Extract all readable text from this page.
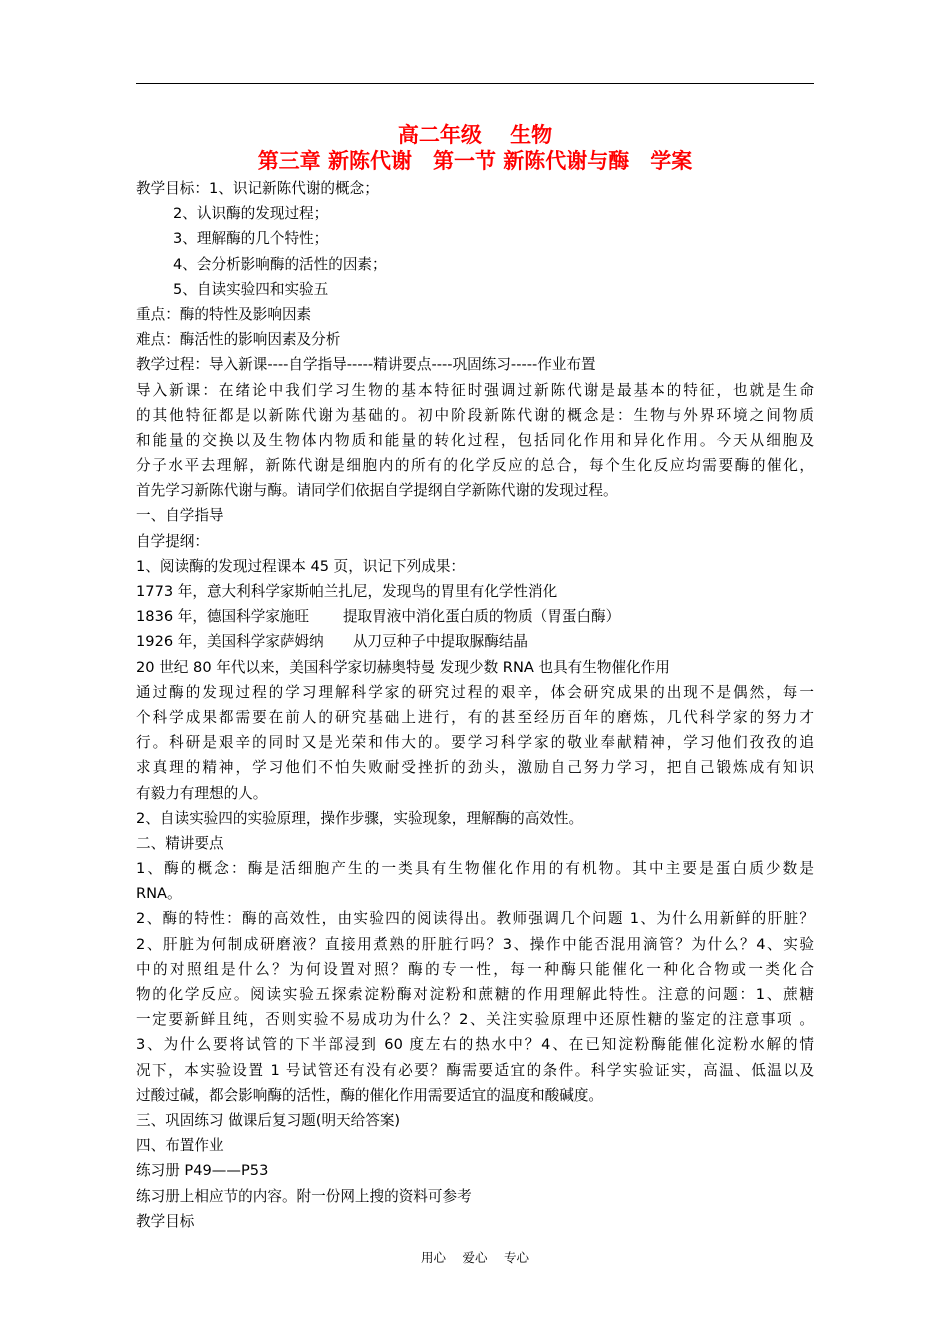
高二年级　 生物
第三章 新陈代谢　第一节 新陈代谢与酶　学案
教学目标：1、识记新陈代谢的概念；
2、认识酶的发现过程；
3、理解酶的几个特性；
4、会分析影响酶的活性的因素；
5、自读实验四和实验五
重点：酶的特性及影响因素
难点：酶活性的影响因素及分析
教学过程：导入新课----自学指导-----精讲要点----巩固练习-----作业布置
导入新课：在绪论中我们学习生物的基本特征时强调过新陈代谢是最基本的特征，也就是生命
的其他特征都是以新陈代谢为基础的。初中阶段新陈代谢的概念是：生物与外界环境之间物质
和能量的交换以及生物体内物质和能量的转化过程，包括同化作用和异化作用。今天从细胞及
分子水平去理解，新陈代谢是细胞内的所有的化学反应的总合，每个生化反应均需要酶的催化，
首先学习新陈代谢与酶。请同学们依据自学提纲自学新陈代谢的发现过程。
一、自学指导
自学提纲：
1、阅读酶的发现过程课本 45 页，识记下列成果：
1773 年，意大利科学家斯帕兰扎尼，发现鸟的胃里有化学性消化
1836 年，德国科学家施旺　　 提取胃液中消化蛋白质的物质（胃蛋白酶）
1926 年，美国科学家萨姆纳　　从刀豆种子中提取脲酶结晶
20 世纪 80 年代以来，美国科学家切赫奥特曼 发现少数 RNA 也具有生物催化作用
通过酶的发现过程的学习理解科学家的研究过程的艰辛，体会研究成果的出现不是偶然，每一
个科学成果都需要在前人的研究基础上进行，有的甚至经历百年的磨炼，几代科学家的努力才
行。科研是艰辛的同时又是光荣和伟大的。要学习科学家的敬业奉献精神，学习他们孜孜的追
求真理的精神，学习他们不怕失败耐受挫折的劲头，激励自己努力学习，把自己锻炼成有知识
有毅力有理想的人。
2、自读实验四的实验原理，操作步骤，实验现象，理解酶的高效性。
二、精讲要点
1、酶的概念：酶是活细胞产生的一类具有生物催化作用的有机物。其中主要是蛋白质少数是
RNA。
2、酶的特性：酶的高效性，由实验四的阅读得出。教师强调几个问题 1、为什么用新鲜的肝脏？
2、肝脏为何制成研磨液？直接用煮熟的肝脏行吗？3、操作中能否混用滴管？为什么？4、实验
中的对照组是什么？为何设置对照？酶的专一性，每一种酶只能催化一种化合物或一类化合
物的化学反应。阅读实验五探索淀粉酶对淀粉和蔗糖的作用理解此特性。注意的问题：1、蔗糖
一定要新鲜且纯，否则实验不易成功为什么？2、关注实验原理中还原性糖的鉴定的注意事项 。
3、为什么要将试管的下半部浸到 60 度左右的热水中？4、在已知淀粉酶能催化淀粉水解的情
况下，本实验设置 1 号试管还有没有必要？酶需要适宜的条件。科学实验证实，高温、低温以及
过酸过碱，都会影响酶的活性，酶的催化作用需要适宜的温度和酸碱度。
三、巩固练习 做课后复习题(明天给答案)
四、布置作业
练习册 P49——P53
练习册上相应节的内容。附一份网上搜的资料可参考
教学目标
用心　 爱心　 专心
